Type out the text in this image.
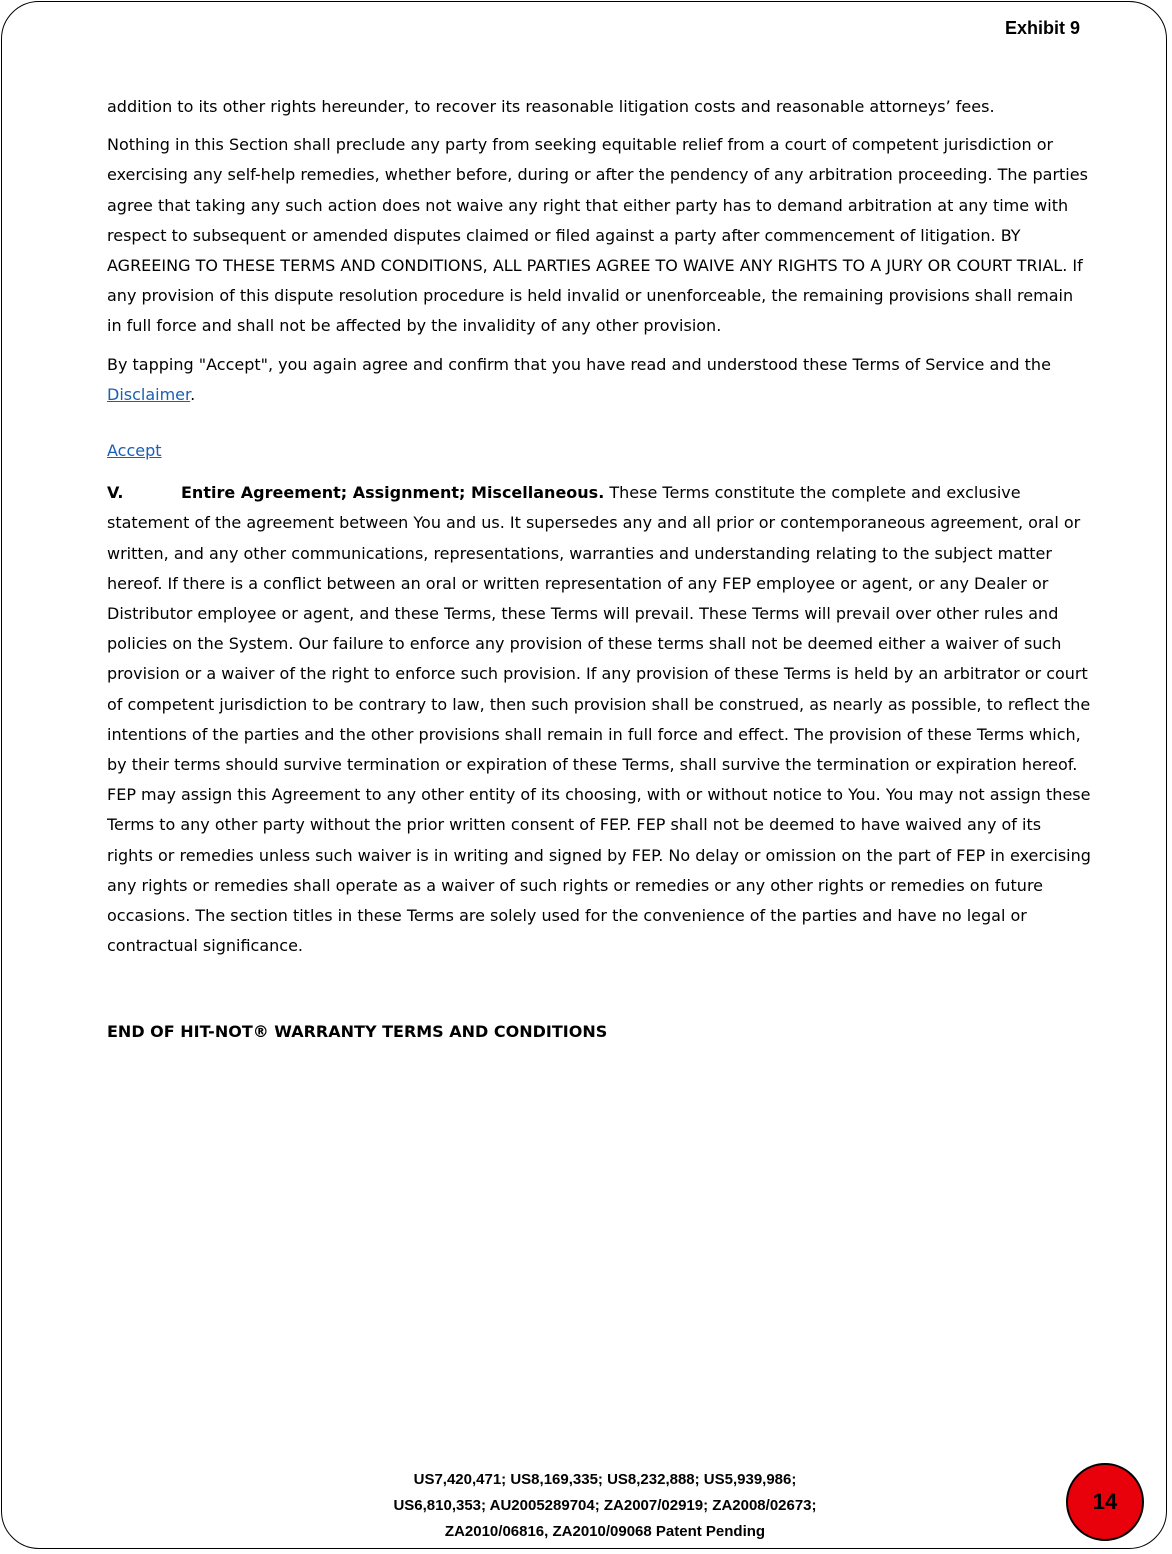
Exhibit 9

addition to its other rights hereunder, to recover its reasonable litigation costs and reasonable attorneys’ fees.

Nothing in this Section shall preclude any party from seeking equitable relief from a court of competent jurisdiction or exercising any self-help remedies, whether before, during or after the pendency of any arbitration proceeding. The parties agree that taking any such action does not waive any right that either party has to demand arbitration at any time with respect to subsequent or amended disputes claimed or filed against a party after commencement of litigation. BY AGREEING TO THESE TERMS AND CONDITIONS, ALL PARTIES AGREE TO WAIVE ANY RIGHTS TO A JURY OR COURT TRIAL. If any provision of this dispute resolution procedure is held invalid or unenforceable, the remaining provisions shall remain in full force and shall not be affected by the invalidity of any other provision.

By tapping "Accept", you again agree and confirm that you have read and understood these Terms of Service and the Disclaimer.

Accept

V.	Entire Agreement; Assignment; Miscellaneous. These Terms constitute the complete and exclusive statement of the agreement between You and us. It supersedes any and all prior or contemporaneous agreement, oral or written, and any other communications, representations, warranties and understanding relating to the subject matter hereof. If there is a conflict between an oral or written representation of any FEP employee or agent, or any Dealer or Distributor employee or agent, and these Terms, these Terms will prevail. These Terms will prevail over other rules and policies on the System. Our failure to enforce any provision of these terms shall not be deemed either a waiver of such provision or a waiver of the right to enforce such provision. If any provision of these Terms is held by an arbitrator or court of competent jurisdiction to be contrary to law, then such provision shall be construed, as nearly as possible, to reflect the intentions of the parties and the other provisions shall remain in full force and effect. The provision of these Terms which, by their terms should survive termination or expiration of these Terms, shall survive the termination or expiration hereof. FEP may assign this Agreement to any other entity of its choosing, with or without notice to You. You may not assign these Terms to any other party without the prior written consent of FEP. FEP shall not be deemed to have waived any of its rights or remedies unless such waiver is in writing and signed by FEP. No delay or omission on the part of FEP in exercising any rights or remedies shall operate as a waiver of such rights or remedies or any other rights or remedies on future occasions. The section titles in these Terms are solely used for the convenience of the parties and have no legal or contractual significance.

END OF HIT-NOT® WARRANTY TERMS AND CONDITIONS

US7,420,471; US8,169,335; US8,232,888; US5,939,986;
US6,810,353; AU2005289704; ZA2007/02919; ZA2008/02673;
ZA2010/06816, ZA2010/09068 Patent Pending
14
